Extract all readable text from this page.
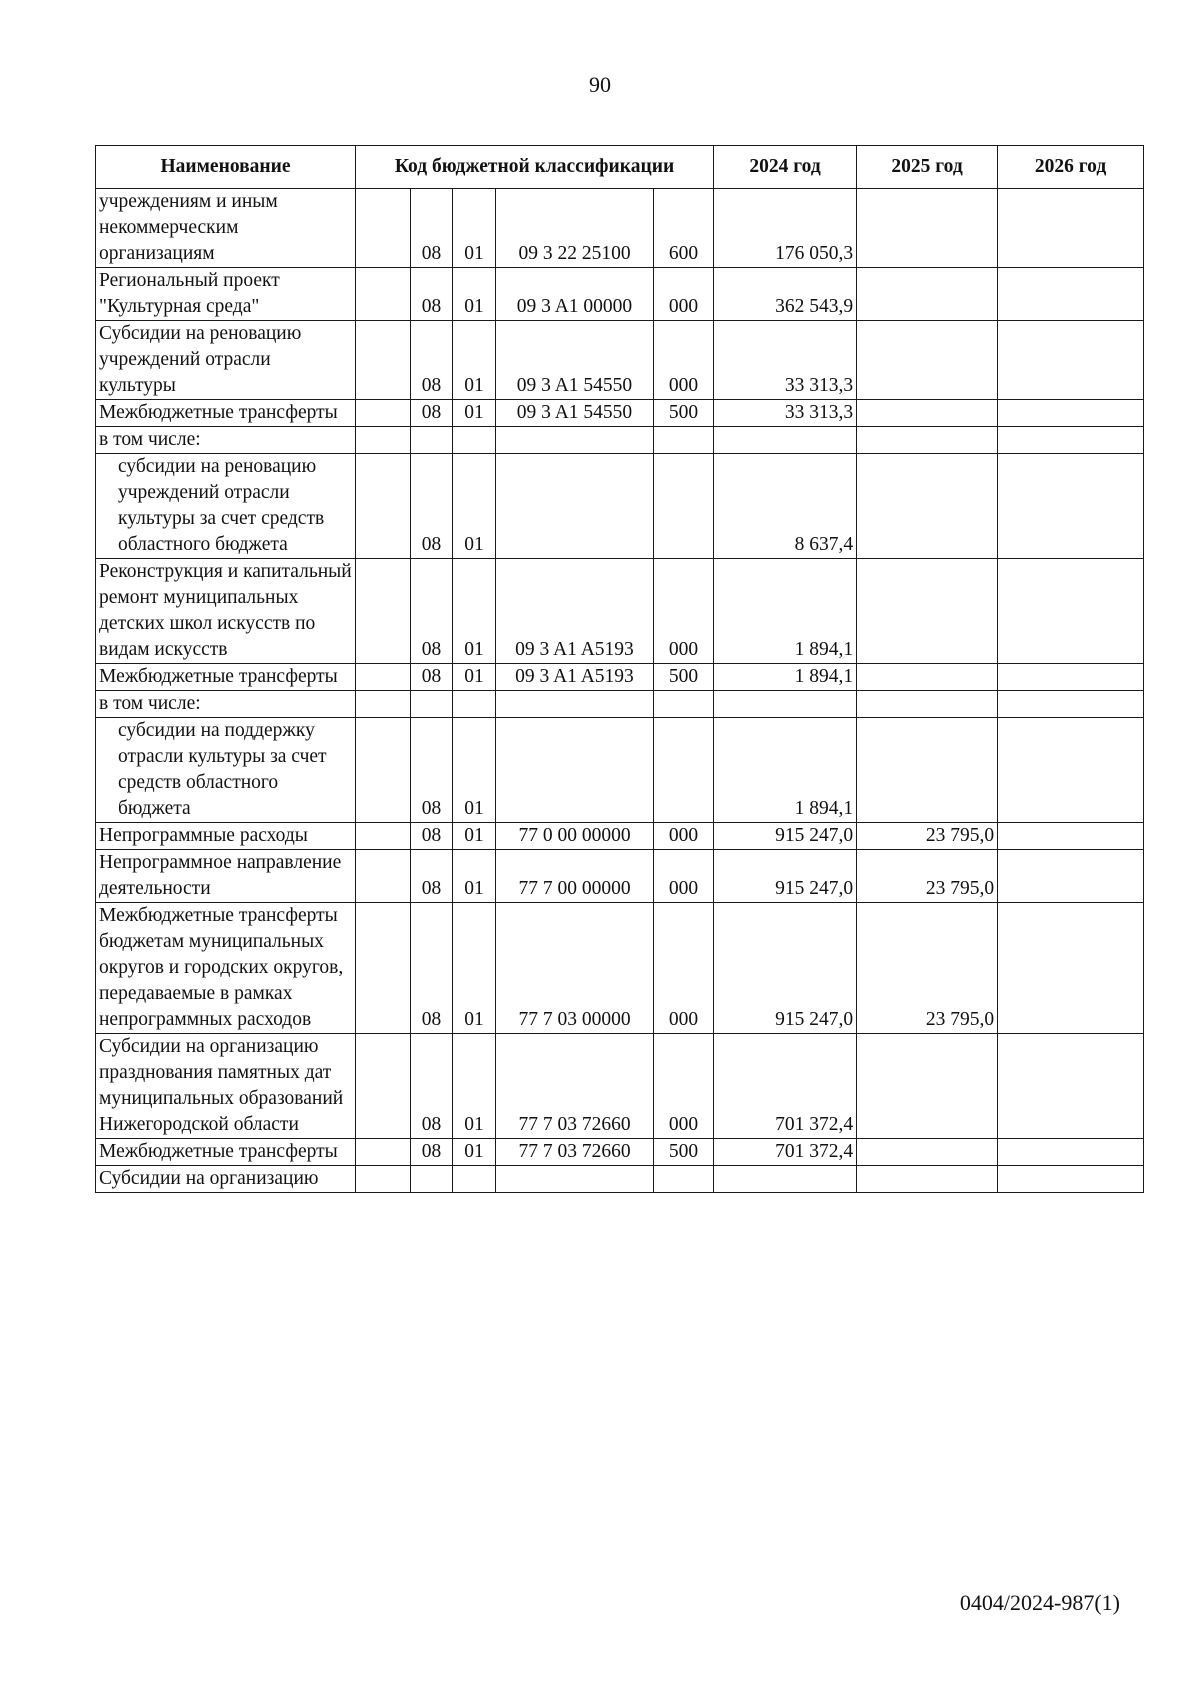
90
Наименование	Код бюджетной классификации					2024 год	2025 год	2026 год
учреждениям и иным некоммерческим организациям		08	01	09 3 22 25100	600	176 050,3		
Региональный проект "Культурная среда"		08	01	09 3 A1 00000	000	362 543,9		
Субсидии на реновацию учреждений отрасли культуры		08	01	09 3 A1 54550	000	33 313,3		
Межбюджетные трансферты		08	01	09 3 A1 54550	500	33 313,3		
в том числе:								
субсидии на реновацию учреждений отрасли культуры за счет средств областного бюджета		08	01			8 637,4		
Реконструкция и капитальный ремонт муниципальных детских школ искусств по видам искусств		08	01	09 3 A1 A5193	000	1 894,1		
Межбюджетные трансферты		08	01	09 3 A1 A5193	500	1 894,1		
в том числе:								
субсидии на поддержку отрасли культуры за счет средств областного бюджета		08	01			1 894,1		
Непрограммные расходы		08	01	77 0 00 00000	000	915 247,0	23 795,0	
Непрограммное направление деятельности		08	01	77 7 00 00000	000	915 247,0	23 795,0	
Межбюджетные трансферты бюджетам муниципальных округов и городских округов, передаваемые в рамках непрограммных расходов		08	01	77 7 03 00000	000	915 247,0	23 795,0	
Субсидии на организацию празднования памятных дат муниципальных образований Нижегородской области		08	01	77 7 03 72660	000	701 372,4		
Межбюджетные трансферты		08	01	77 7 03 72660	500	701 372,4		
Субсидии на организацию								
0404/2024-987(1)
